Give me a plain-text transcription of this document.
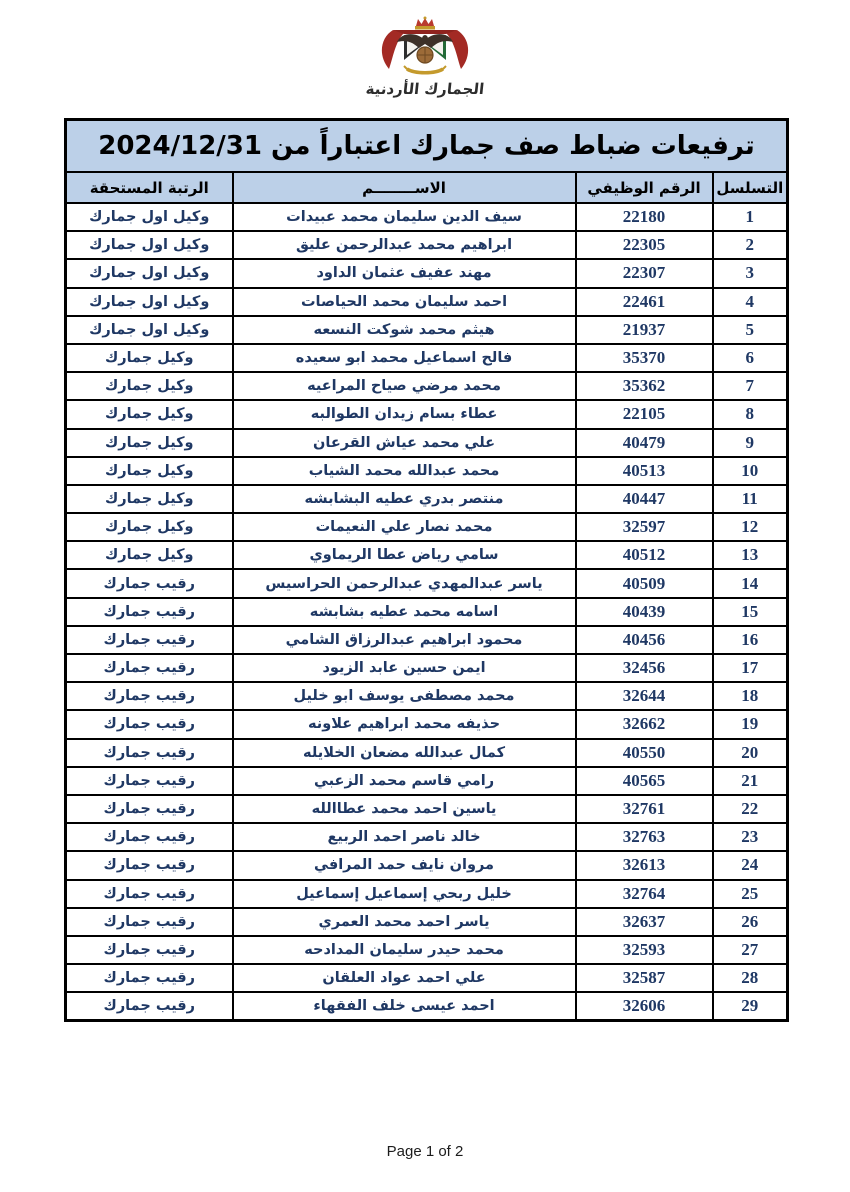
الجمارك الأردنية
ترفيعات ضباط صف جمارك اعتباراً من 2024/12/31			
التسلسل	الرقم الوظيفي	الاســــــــم	الرتبة المستحقة
1	22180	سيف الدين سليمان محمد عبيدات	وكيل اول جمارك
2	22305	ابراهيم محمد عبدالرحمن عليق	وكيل اول جمارك
3	22307	مهند عفيف عثمان الداود	وكيل اول جمارك
4	22461	احمد سليمان محمد الحياصات	وكيل اول جمارك
5	21937	هيثم محمد شوكت النسعه	وكيل اول جمارك
6	35370	فالح اسماعيل محمد ابو سعيده	وكيل جمارك
7	35362	محمد مرضي صياح المراعيه	وكيل جمارك
8	22105	عطاء بسام زيدان الطوالبه	وكيل جمارك
9	40479	علي محمد عياش القرعان	وكيل جمارك
10	40513	محمد عبدالله محمد الشياب	وكيل جمارك
11	40447	منتصر بدري عطيه البشابشه	وكيل جمارك
12	32597	محمد نصار علي النعيمات	وكيل جمارك
13	40512	سامي رياض عطا الريماوي	وكيل جمارك
14	40509	ياسر عبدالمهدي عبدالرحمن الحراسيس	رقيب جمارك
15	40439	اسامه محمد عطيه بشابشه	رقيب جمارك
16	40456	محمود ابراهيم عبدالرزاق الشامي	رقيب جمارك
17	32456	ايمن حسين عابد الزيود	رقيب جمارك
18	32644	محمد مصطفى يوسف ابو خليل	رقيب جمارك
19	32662	حذيفه محمد ابراهيم علاونه	رقيب جمارك
20	40550	كمال عبدالله مضعان الخلايله	رقيب جمارك
21	40565	رامي قاسم محمد الزعبي	رقيب جمارك
22	32761	ياسين احمد محمد عطاالله	رقيب جمارك
23	32763	خالد ناصر احمد الربيع	رقيب جمارك
24	32613	مروان نايف حمد المرافي	رقيب جمارك
25	32764	خليل ربحي إسماعيل إسماعيل	رقيب جمارك
26	32637	ياسر احمد محمد العمري	رقيب جمارك
27	32593	محمد حيدر سليمان المدادحه	رقيب جمارك
28	32587	علي احمد عواد العلقان	رقيب جمارك
29	32606	احمد عيسى خلف الفقهاء	رقيب جمارك
Page 1 of 2
